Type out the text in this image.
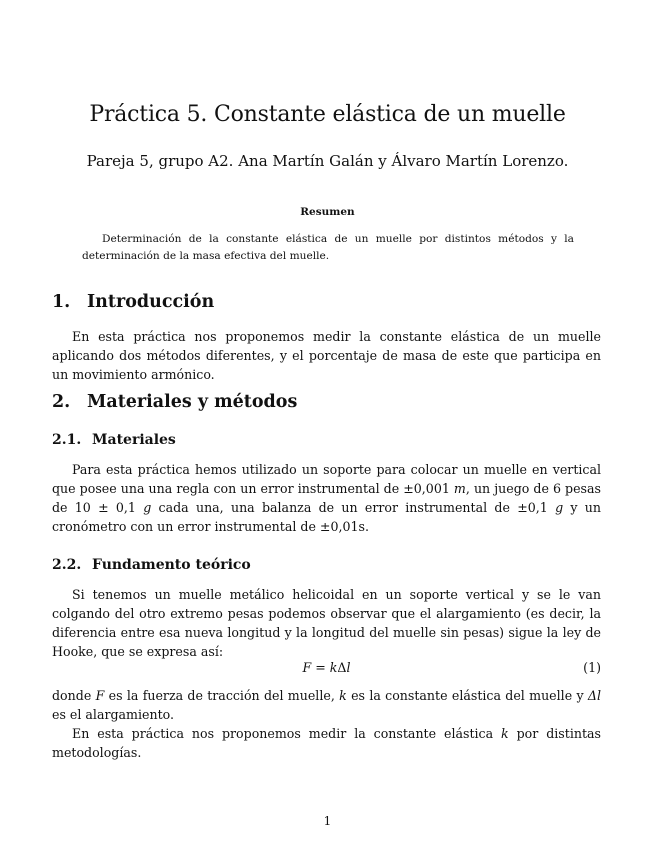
Práctica 5. Constante elástica de un muelle
Pareja 5, grupo A2. Ana Martín Galán y Álvaro Martín Lorenzo.
Resumen
Determinación de la constante elástica de un muelle por distintos métodos y la determinación de la masa efectiva del muelle.
1. Introducción
En esta práctica nos proponemos medir la constante elástica de un muelle aplicando dos métodos diferentes, y el porcentaje de masa de este que participa en un movimiento armónico.
2. Materiales y métodos
2.1. Materiales
Para esta práctica hemos utilizado un soporte para colocar un muelle en vertical que posee una una regla con un error instrumental de ±0,001 m, un juego de 6 pesas de 10 ± 0,1 g cada una, una balanza de un error instrumental de ±0,1 g y un cronómetro con un error instrumental de ±0,01s.
2.2. Fundamento teórico
Si tenemos un muelle metálico helicoidal en un soporte vertical y se le van colgando del otro extremo pesas podemos observar que el alargamiento (es decir, la diferencia entre esa nueva longitud y la longitud del muelle sin pesas) sigue la ley de Hooke, que se expresa así:
F = kΔl	(1)
donde F es la fuerza de tracción del muelle, k es la constante elástica del muelle y Δl es el alargamiento.
En esta práctica nos proponemos medir la constante elástica k por distintas metodologías.
1
